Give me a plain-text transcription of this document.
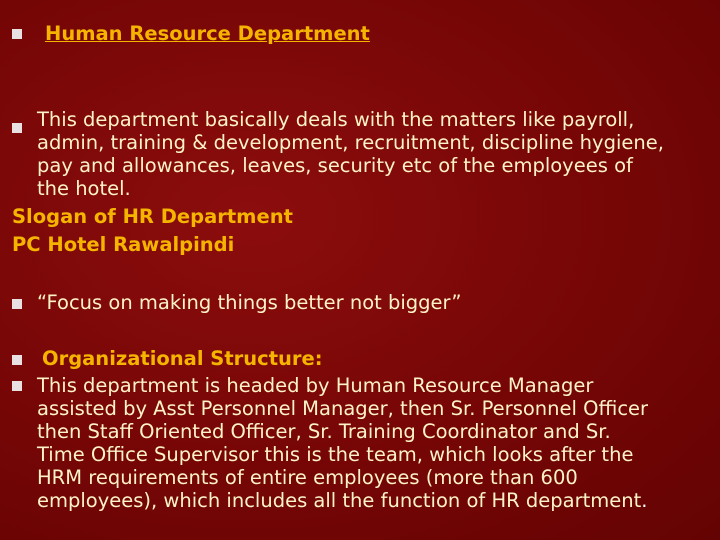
Human Resource Department
This department basically deals with the matters like payroll,
admin, training & development, recruitment, discipline hygiene,
pay and allowances, leaves, security etc of the employees of
the hotel.
Slogan of HR Department
PC Hotel Rawalpindi
“Focus on making things better not bigger”
Organizational Structure:
This department is headed by Human Resource Manager
assisted by Asst Personnel Manager, then Sr. Personnel Officer
then Staff Oriented Officer, Sr. Training Coordinator and Sr.
Time Office Supervisor this is the team, which looks after the
HRM requirements of entire employees (more than 600
employees), which includes all the function of HR department.
